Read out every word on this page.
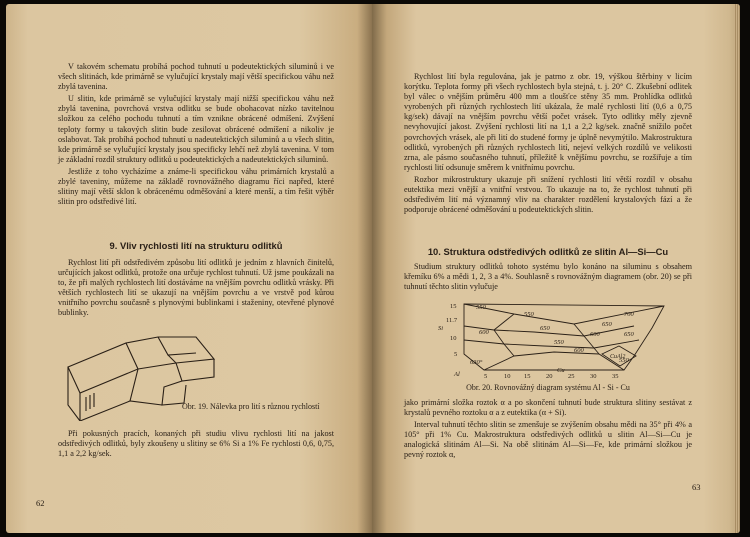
V takovém schematu probíhá pochod tuhnutí u podeutektických siluminů i ve všech slitinách, kde primárně se vylučující krystaly mají větší specifickou váhu než zbylá tavenina.

U slitin, kde primárně se vylučující krystaly mají nižší specifickou váhu než zbylá tavenina, povrchová vrstva odlitku se bude obohacovat nízko tavitelnou složkou za celého pochodu tuhnutí a tím vznikne obrácené odmíšení. Zvýšení teploty formy u takových slitin bude zesilovat obrácené odmíšení a nikoliv je oslabovat. Tak probíhá pochod tuhnutí u nadeutektických siluminů a u všech slitin, kde primárně se vylučující krystaly jsou specificky lehčí než zbylá tavenina. V tom je základní rozdíl struktury odlitků u podeutektických a nadeutektických siluminů.

Jestliže z toho vycházíme a známe-li specifickou váhu primárních krystalů a zbylé taveniny, můžeme na základě rovnovážného diagramu říci napřed, které slitiny mají větší sklon k obrácenému odměšování a které menší, a tím řešit výběr slitin pro odstředivé lití.

9. Vliv rychlosti lití na strukturu odlitků

Rychlost lití při odstředivém způsobu lití odlitků je jedním z hlavních činitelů, určujících jakost odlitků, protože ona určuje rychlost tuhnutí. Už jsme poukázali na to, že při malých rychlostech lití dostáváme na vnějším povrchu odlitků vrásky. Při větších rychlostech lití se ukazují na vnějším povrchu a ve vrstvě pod kůrou vnitřního povrchu současně s plynovými bublinkami i staženiny, otevřené plynové bublinky.

Obr. 19. Nálevka pro lití s různou rychlostí

Při pokusných pracích, konaných při studiu vlivu rychlosti lití na jakost odstředivých odlitků, byly zkoušeny u slitiny se 6% Si a 1% Fe rychlosti 0,6, 0,75, 1,1 a 2,2 kg/sek.

62

Rychlost lití byla regulována, jak je patrno z obr. 19, výškou štěrbiny v licím korýtku. Teplota formy při všech rychlostech byla stejná, t. j. 20° C. Zkušební odlitek byl válec o vnějším průměru 400 mm a tloušťce stěny 35 mm. Prohlídka odlitků vyrobených při různých rychlostech lití ukázala, že malé rychlosti lití (0,6 a 0,75 kg/sek) dávají na vnějším povrchu větší počet vrásek. Tyto odlitky měly zjevně nevyhovující jakost. Zvýšení rychlosti lití na 1,1 a 2,2 kg/sek. značně snížilo počet povrchových vrásek, ale při lití do studené formy je úplně nevymýtilo. Makrostruktura odlitků, vyrobených při různých rychlostech lití, nejeví velkých rozdílů ve velikosti zrna, ale pásmo současného tuhnutí, příležitě k vnějšímu povrchu, se rozšiřuje a tím rychlosti lití odsunuje směrem k vnitřnímu povrchu.

Rozbor mikrostruktury ukazuje při snížení rychlosti lití větší rozdíl v obsahu eutektika mezi vnější a vnitřní vrstvou. To ukazuje na to, že rychlost tuhnutí při odstředivém lití má významný vliv na charakter rozdělení krystalových fází a že podporuje obrácené odměšování u podeutektických slitin.

10. Struktura odstředivých odlitků ze slitin Al—Si—Cu

Studium struktury odlitků tohoto systému bylo konáno na siluminu s obsahem křemíku 6% a mědi 1, 2, 3 a 4%. Souhlasně s rovnovážným diagramem (obr. 20) se při tuhnutí těchto slitin vylučuje

550
550
600
650
700
650
600
550
600
650
550
630°
CuAl2
15
11.7
10
5
Si
Al	5	10 15 20 25 30 35
Cu
Obr. 20. Rovnovážný diagram systému Al - Si - Cu

jako primární složka roztok α a po skončení tuhnutí bude struktura slitiny sestávat z krystalů pevného roztoku α a z eutektika (α + Si).

Interval tuhnutí těchto slitin se zmenšuje se zvýšením obsahu mědi na 35° při 4% a 105° při 1% Cu. Makrostruktura odstředivých odlitků u slitin Al—Si—Cu je analogická slitinám Al—Si. Na obě slitinám Al—Si—Fe, kde primární složkou je pevný roztok α,

63
